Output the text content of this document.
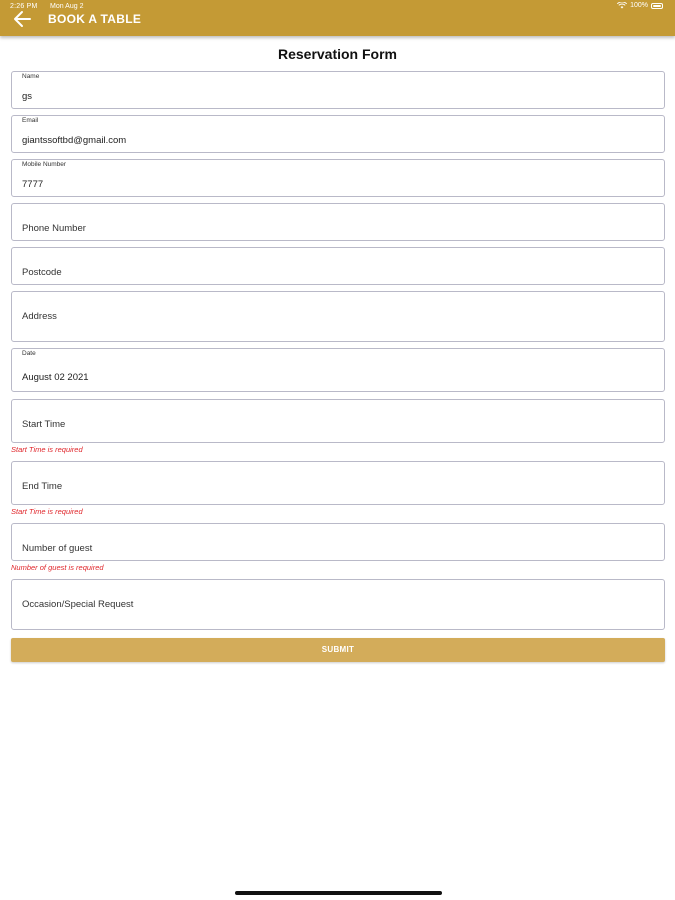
2:26 PM Mon Aug 2	100%
BOOK A TABLE
Reservation Form
Name
gs
Email
giantssoftbd@gmail.com
Mobile Number
7777
Phone Number
Postcode
Address
Date
August 02 2021
Start Time
Start Time is required
End Time
Start Time is required
Number of guest
Number of guest is required
Occasion/Special Request
SUBMIT
